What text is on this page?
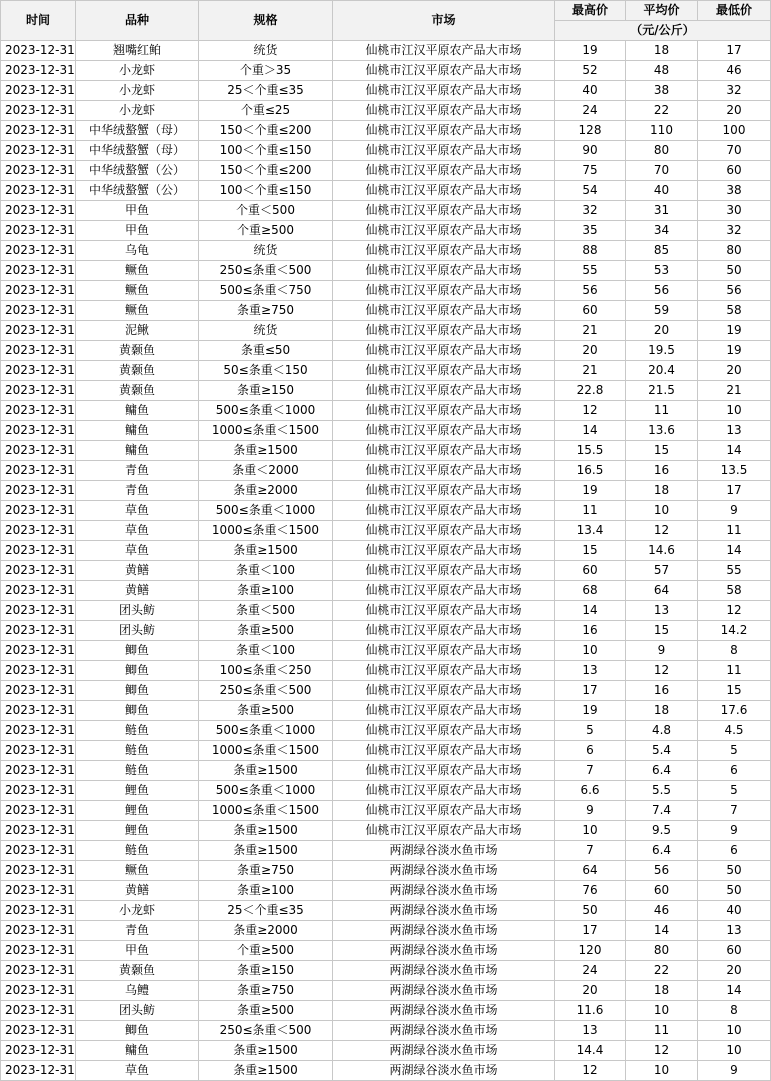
时间	品种	规格	市场	最高价	平均价	最低价
				（元/公斤）		
2023-12-31	翘嘴红鲌	统货	仙桃市江汉平原农产品大市场	19	18	17
2023-12-31	小龙虾	个重＞35	仙桃市江汉平原农产品大市场	52	48	46
2023-12-31	小龙虾	25＜个重≤35	仙桃市江汉平原农产品大市场	40	38	32
2023-12-31	小龙虾	个重≤25	仙桃市江汉平原农产品大市场	24	22	20
2023-12-31	中华绒螯蟹（母）	150＜个重≤200	仙桃市江汉平原农产品大市场	128	110	100
2023-12-31	中华绒螯蟹（母）	100＜个重≤150	仙桃市江汉平原农产品大市场	90	80	70
2023-12-31	中华绒螯蟹（公）	150＜个重≤200	仙桃市江汉平原农产品大市场	75	70	60
2023-12-31	中华绒螯蟹（公）	100＜个重≤150	仙桃市江汉平原农产品大市场	54	40	38
2023-12-31	甲鱼	个重＜500	仙桃市江汉平原农产品大市场	32	31	30
2023-12-31	甲鱼	个重≥500	仙桃市江汉平原农产品大市场	35	34	32
2023-12-31	乌龟	统货	仙桃市江汉平原农产品大市场	88	85	80
2023-12-31	鳜鱼	250≤条重＜500	仙桃市江汉平原农产品大市场	55	53	50
2023-12-31	鳜鱼	500≤条重＜750	仙桃市江汉平原农产品大市场	56	56	56
2023-12-31	鳜鱼	条重≥750	仙桃市江汉平原农产品大市场	60	59	58
2023-12-31	泥鳅	统货	仙桃市江汉平原农产品大市场	21	20	19
2023-12-31	黄颡鱼	条重≤50	仙桃市江汉平原农产品大市场	20	19.5	19
2023-12-31	黄颡鱼	50≤条重＜150	仙桃市江汉平原农产品大市场	21	20.4	20
2023-12-31	黄颡鱼	条重≥150	仙桃市江汉平原农产品大市场	22.8	21.5	21
2023-12-31	鳙鱼	500≤条重＜1000	仙桃市江汉平原农产品大市场	12	11	10
2023-12-31	鳙鱼	1000≤条重＜1500	仙桃市江汉平原农产品大市场	14	13.6	13
2023-12-31	鳙鱼	条重≥1500	仙桃市江汉平原农产品大市场	15.5	15	14
2023-12-31	青鱼	条重＜2000	仙桃市江汉平原农产品大市场	16.5	16	13.5
2023-12-31	青鱼	条重≥2000	仙桃市江汉平原农产品大市场	19	18	17
2023-12-31	草鱼	500≤条重＜1000	仙桃市江汉平原农产品大市场	11	10	9
2023-12-31	草鱼	1000≤条重＜1500	仙桃市江汉平原农产品大市场	13.4	12	11
2023-12-31	草鱼	条重≥1500	仙桃市江汉平原农产品大市场	15	14.6	14
2023-12-31	黄鳝	条重＜100	仙桃市江汉平原农产品大市场	60	57	55
2023-12-31	黄鳝	条重≥100	仙桃市江汉平原农产品大市场	68	64	58
2023-12-31	团头鲂	条重＜500	仙桃市江汉平原农产品大市场	14	13	12
2023-12-31	团头鲂	条重≥500	仙桃市江汉平原农产品大市场	16	15	14.2
2023-12-31	鲫鱼	条重＜100	仙桃市江汉平原农产品大市场	10	9	8
2023-12-31	鲫鱼	100≤条重＜250	仙桃市江汉平原农产品大市场	13	12	11
2023-12-31	鲫鱼	250≤条重＜500	仙桃市江汉平原农产品大市场	17	16	15
2023-12-31	鲫鱼	条重≥500	仙桃市江汉平原农产品大市场	19	18	17.6
2023-12-31	鲢鱼	500≤条重＜1000	仙桃市江汉平原农产品大市场	5	4.8	4.5
2023-12-31	鲢鱼	1000≤条重＜1500	仙桃市江汉平原农产品大市场	6	5.4	5
2023-12-31	鲢鱼	条重≥1500	仙桃市江汉平原农产品大市场	7	6.4	6
2023-12-31	鲤鱼	500≤条重＜1000	仙桃市江汉平原农产品大市场	6.6	5.5	5
2023-12-31	鲤鱼	1000≤条重＜1500	仙桃市江汉平原农产品大市场	9	7.4	7
2023-12-31	鲤鱼	条重≥1500	仙桃市江汉平原农产品大市场	10	9.5	9
2023-12-31	鲢鱼	条重≥1500	两湖绿谷淡水鱼市场	7	6.4	6
2023-12-31	鳜鱼	条重≥750	两湖绿谷淡水鱼市场	64	56	50
2023-12-31	黄鳝	条重≥100	两湖绿谷淡水鱼市场	76	60	50
2023-12-31	小龙虾	25＜个重≤35	两湖绿谷淡水鱼市场	50	46	40
2023-12-31	青鱼	条重≥2000	两湖绿谷淡水鱼市场	17	14	13
2023-12-31	甲鱼	个重≥500	两湖绿谷淡水鱼市场	120	80	60
2023-12-31	黄颡鱼	条重≥150	两湖绿谷淡水鱼市场	24	22	20
2023-12-31	乌鳢	条重≥750	两湖绿谷淡水鱼市场	20	18	14
2023-12-31	团头鲂	条重≥500	两湖绿谷淡水鱼市场	11.6	10	8
2023-12-31	鲫鱼	250≤条重＜500	两湖绿谷淡水鱼市场	13	11	10
2023-12-31	鳙鱼	条重≥1500	两湖绿谷淡水鱼市场	14.4	12	10
2023-12-31	草鱼	条重≥1500	两湖绿谷淡水鱼市场	12	10	9
